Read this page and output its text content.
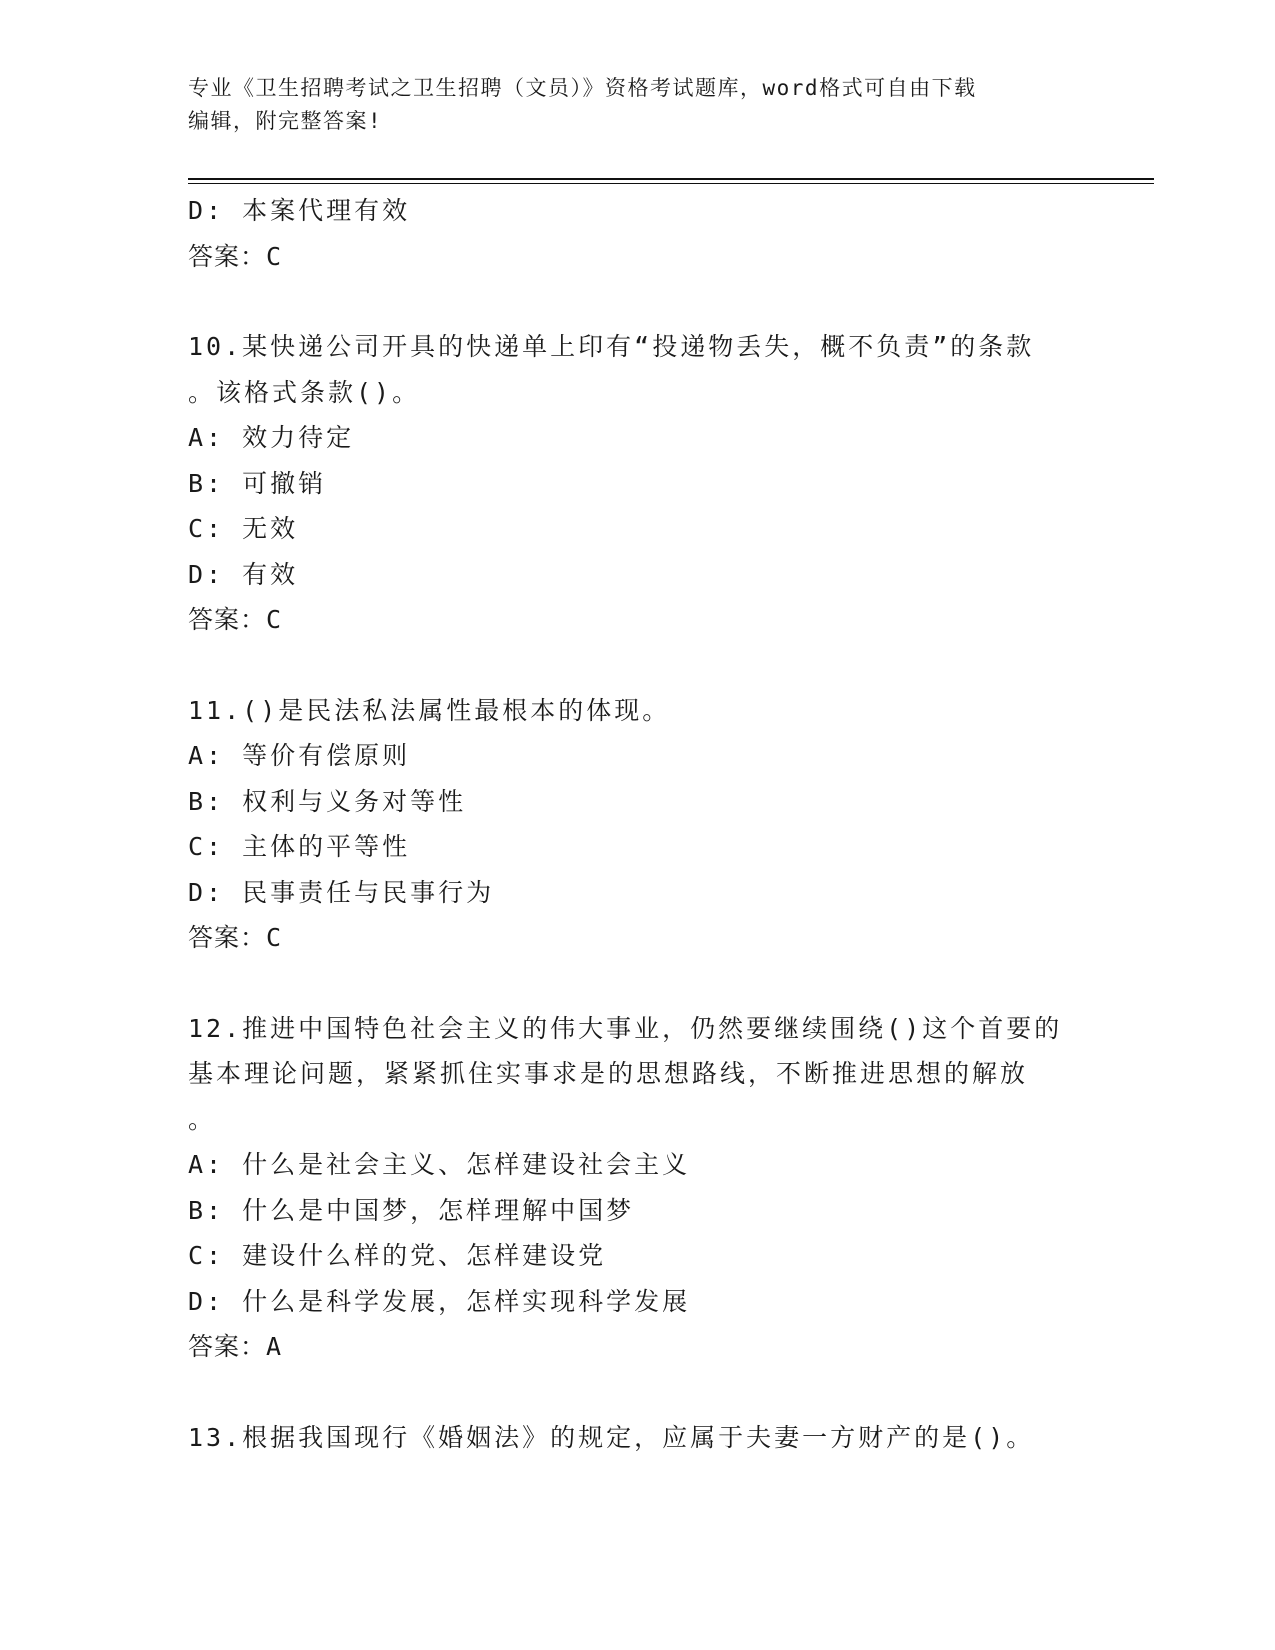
专业《卫生招聘考试之卫生招聘（文员）》资格考试题库，word格式可自由下载
编辑，附完整答案!
D: 本案代理有效
答案：C
10.某快递公司开具的快递单上印有“投递物丢失，概不负责”的条款
。该格式条款()。
A: 效力待定
B: 可撤销
C: 无效
D: 有效
答案：C
11.()是民法私法属性最根本的体现。
A: 等价有偿原则
B: 权利与义务对等性
C: 主体的平等性
D: 民事责任与民事行为
答案：C
12.推进中国特色社会主义的伟大事业，仍然要继续围绕()这个首要的
基本理论问题，紧紧抓住实事求是的思想路线，不断推进思想的解放
。
A: 什么是社会主义、怎样建设社会主义
B: 什么是中国梦，怎样理解中国梦
C: 建设什么样的党、怎样建设党
D: 什么是科学发展，怎样实现科学发展
答案：A
13.根据我国现行《婚姻法》的规定，应属于夫妻一方财产的是()。
